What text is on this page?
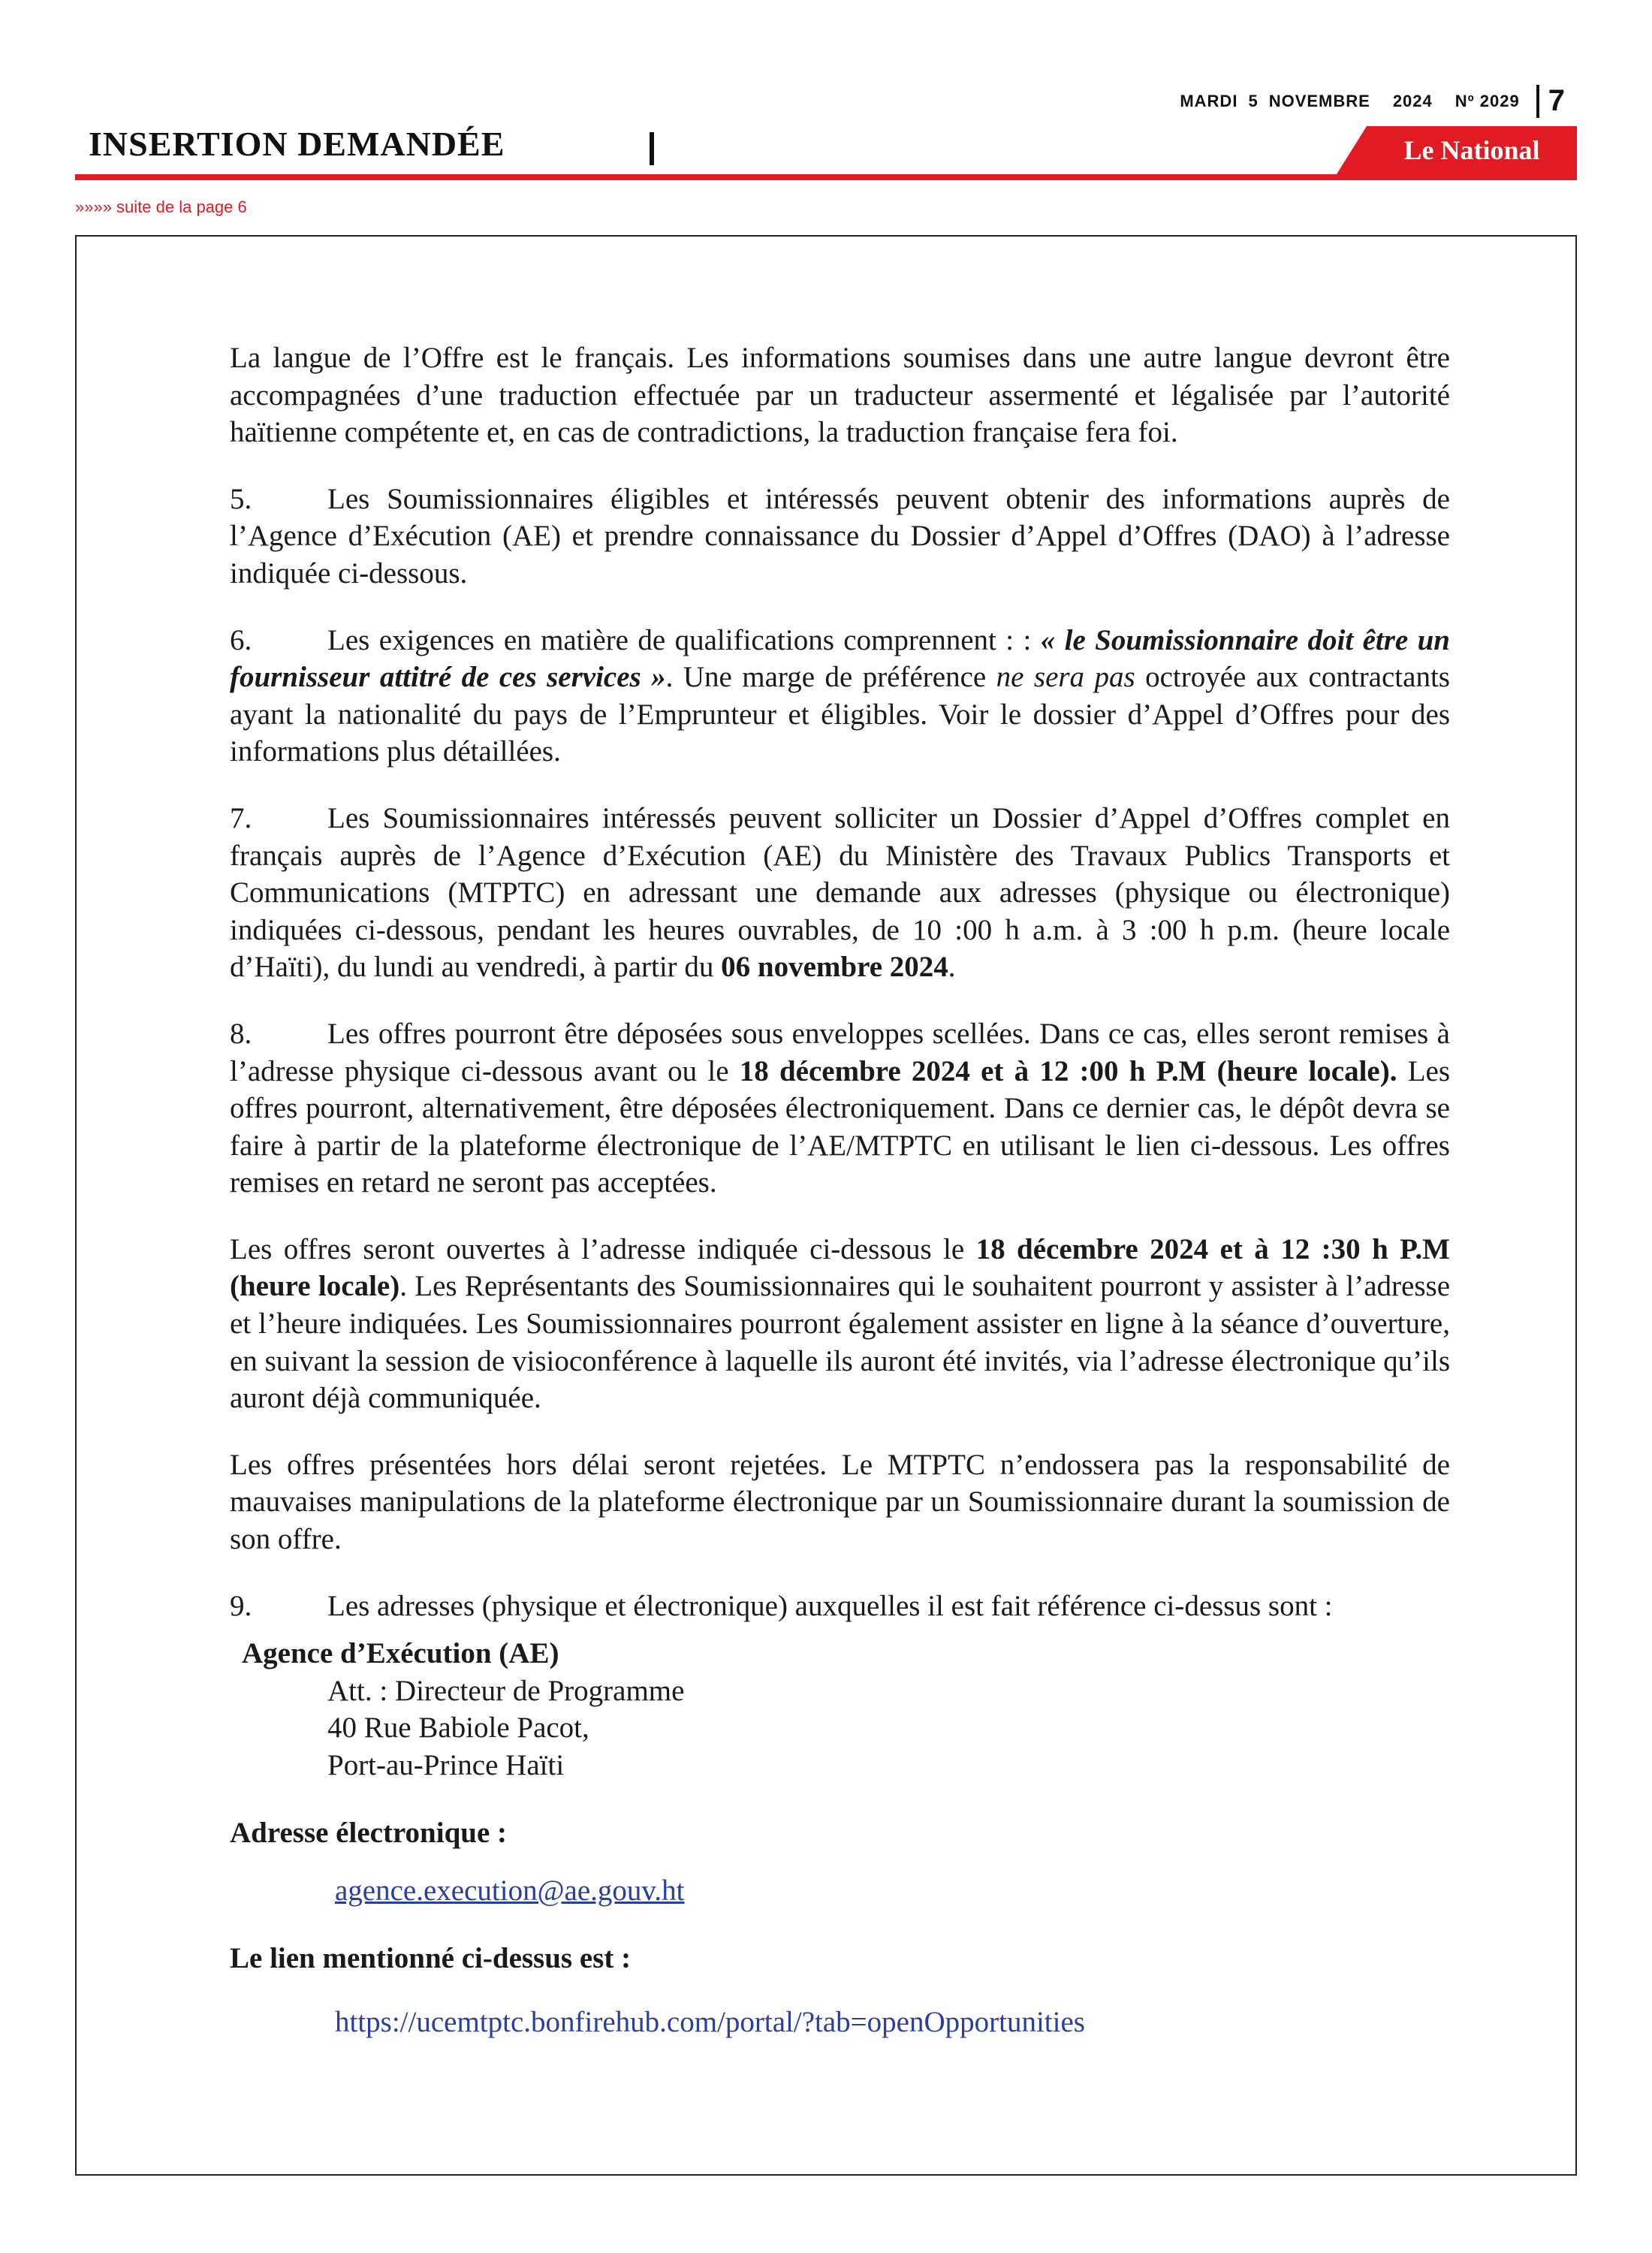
MARDI 5 NOVEMBRE 2024 Nº 2029 7
INSERTION DEMANDÉE	Le National
»»»» suite de la page 6

La langue de l’Offre est le français. Les informations soumises dans une autre langue devront être accompagnées d’une traduction effectuée par un traducteur assermenté et légalisée par l’autorité haïtienne compétente et, en cas de contradictions, la traduction française fera foi.

5.	Les Soumissionnaires éligibles et intéressés peuvent obtenir des informations auprès de l’Agence d’Exécution (AE) et prendre connaissance du Dossier d’Appel d’Offres (DAO) à l’adresse indiquée ci-dessous.

6.	Les exigences en matière de qualifications comprennent : : « le Soumissionnaire doit être un fournisseur attitré de ces services ». Une marge de préférence ne sera pas octroyée aux contractants ayant la nationalité du pays de l’Emprunteur et éligibles. Voir le dossier d’Appel d’Offres pour des informations plus détaillées.

7.	Les Soumissionnaires intéressés peuvent solliciter un Dossier d’Appel d’Offres complet en français auprès de l’Agence d’Exécution (AE) du Ministère des Travaux Publics Transports et Communications (MTPTC) en adressant une demande aux adresses (physique ou électronique) indiquées ci-dessous, pendant les heures ouvrables, de 10 :00 h a.m. à 3 :00 h p.m. (heure locale d’Haïti), du lundi au vendredi, à partir du 06 novembre 2024.

8.	Les offres pourront être déposées sous enveloppes scellées. Dans ce cas, elles seront remises à l’adresse physique ci-dessous avant ou le 18 décembre 2024 et à 12 :00 h P.M (heure locale). Les offres pourront, alternativement, être déposées électroniquement. Dans ce dernier cas, le dépôt devra se faire à partir de la plateforme électronique de l’AE/MTPTC en utilisant le lien ci-dessous. Les offres remises en retard ne seront pas acceptées.

Les offres seront ouvertes à l’adresse indiquée ci-dessous le 18 décembre 2024 et à 12 :30 h P.M (heure locale). Les Représentants des Soumissionnaires qui le souhaitent pourront y assister à l’adresse et l’heure indiquées. Les Soumissionnaires pourront également assister en ligne à la séance d’ouverture, en suivant la session de visioconférence à laquelle ils auront été invités, via l’adresse électronique qu’ils auront déjà communiquée.

Les offres présentées hors délai seront rejetées. Le MTPTC n’endossera pas la responsabilité de mauvaises manipulations de la plateforme électronique par un Soumissionnaire durant la soumission de son offre.

9.	Les adresses (physique et électronique) auxquelles il est fait référence ci-dessus sont :

Agence d’Exécution (AE)
Att. : Directeur de Programme
40 Rue Babiole Pacot,
Port-au-Prince Haïti
Adresse électronique :
agence.execution@ae.gouv.ht
Le lien mentionné ci-dessus est :
https://ucemtptc.bonfirehub.com/portal/?tab=openOpportunities
